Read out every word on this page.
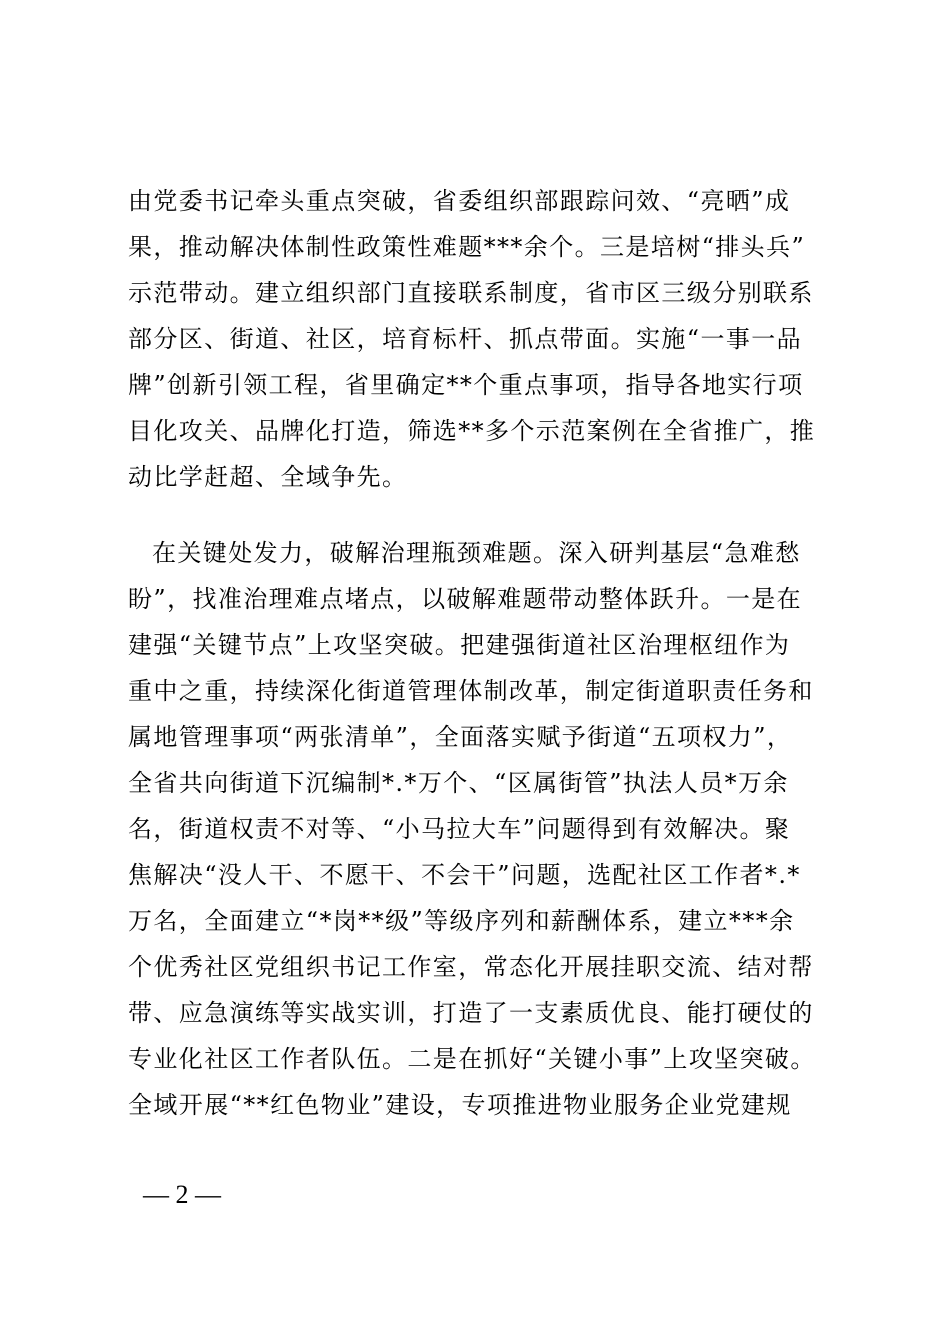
由党委书记牵头重点突破，省委组织部跟踪问效、“亮晒”成
果，推动解决体制性政策性难题***余个。三是培树“排头兵”
示范带动。建立组织部门直接联系制度，省市区三级分别联系
部分区、街道、社区，培育标杆、抓点带面。实施“一事一品
牌”创新引领工程，省里确定**个重点事项，指导各地实行项
目化攻关、品牌化打造，筛选**多个示范案例在全省推广，推
动比学赶超、全域争先。
在关键处发力，破解治理瓶颈难题。深入研判基层“急难愁
盼”，找准治理难点堵点，以破解难题带动整体跃升。一是在
建强“关键节点”上攻坚突破。把建强街道社区治理枢纽作为
重中之重，持续深化街道管理体制改革，制定街道职责任务和
属地管理事项“两张清单”，全面落实赋予街道“五项权力”，
全省共向街道下沉编制*.*万个、“区属街管”执法人员*万余
名，街道权责不对等、“小马拉大车”问题得到有效解决。聚
焦解决“没人干、不愿干、不会干”问题，选配社区工作者*.*
万名，全面建立“*岗**级”等级序列和薪酬体系，建立***余
个优秀社区党组织书记工作室，常态化开展挂职交流、结对帮
带、应急演练等实战实训，打造了一支素质优良、能打硬仗的
专业化社区工作者队伍。二是在抓好“关键小事”上攻坚突破。
全域开展“**红色物业”建设，专项推进物业服务企业党建规
— 2 —
